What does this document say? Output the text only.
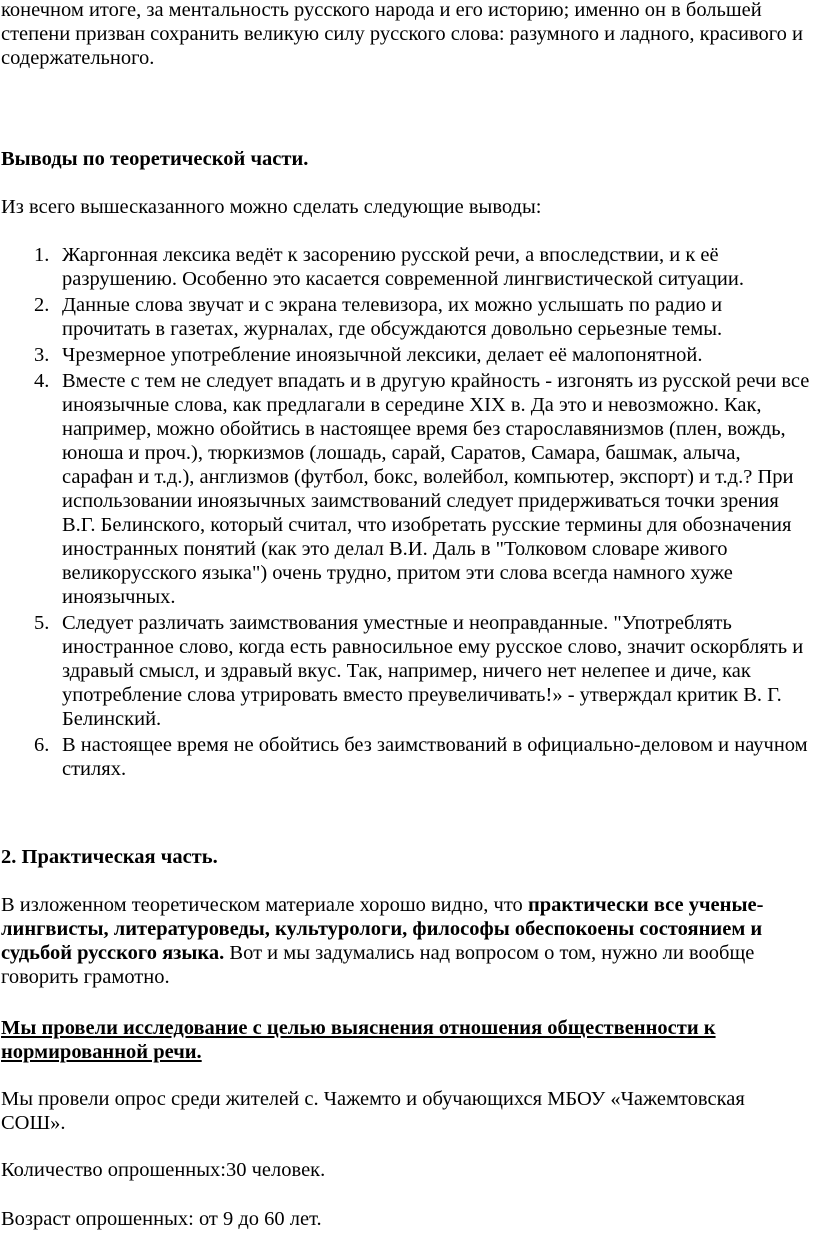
конечном итоге, за ментальность русского народа и его историю; именно он в большей степени призван сохранить великую силу русского слова: разумного и ладного, красивого и содержательного.

Выводы по теоретической части.

Из всего вышесказанного можно сделать следующие выводы:

1. Жаргонная лексика ведёт к засорению русской речи, а впоследствии, и к её разрушению. Особенно это касается современной лингвистической ситуации.
2. Данные слова звучат и с экрана телевизора, их можно услышать по радио и прочитать в газетах, журналах, где обсуждаются довольно серьезные темы.
3. Чрезмерное употребление иноязычной лексики, делает её малопонятной.
4. Вместе с тем не следует впадать и в другую крайность - изгонять из русской речи все иноязычные слова, как предлагали в середине XIX в. Да это и невозможно. Как, например, можно обойтись в настоящее время без старославянизмов (плен, вождь, юноша и проч.), тюркизмов (лошадь, сарай, Саратов, Самара, башмак, алыча, сарафан и т.д.), англизмов (футбол, бокс, волейбол, компьютер, экспорт) и т.д.? При использовании иноязычных заимствований следует придерживаться точки зрения В.Г. Белинского, который считал, что изобретать русские термины для обозначения иностранных понятий (как это делал В.И. Даль в "Толковом словаре живого великорусского языка") очень трудно, притом эти слова всегда намного хуже иноязычных.
5. Следует различать заимствования уместные и неоправданные. "Употреблять иностранное слово, когда есть равносильное ему русское слово, значит оскорблять и здравый смысл, и здравый вкус. Так, например, ничего нет нелепее и диче, как употребление слова утрировать вместо преувеличивать!» - утверждал критик В. Г. Белинский.
6. В настоящее время не обойтись без заимствований в официально-деловом и научном стилях.

2. Практическая часть.

В изложенном теоретическом материале хорошо видно, что практически все ученые-лингвисты, литературоведы, культурологи, философы обеспокоены состоянием и судьбой русского языка. Вот и мы задумались над вопросом о том, нужно ли вообще говорить грамотно.

Мы провели исследование с целью выяснения отношения общественности к нормированной речи.

Мы провели опрос среди жителей с. Чажемто и обучающихся МБОУ «Чажемтовская СОШ».

Количество опрошенных:30 человек.

Возраст опрошенных: от 9 до 60 лет.
